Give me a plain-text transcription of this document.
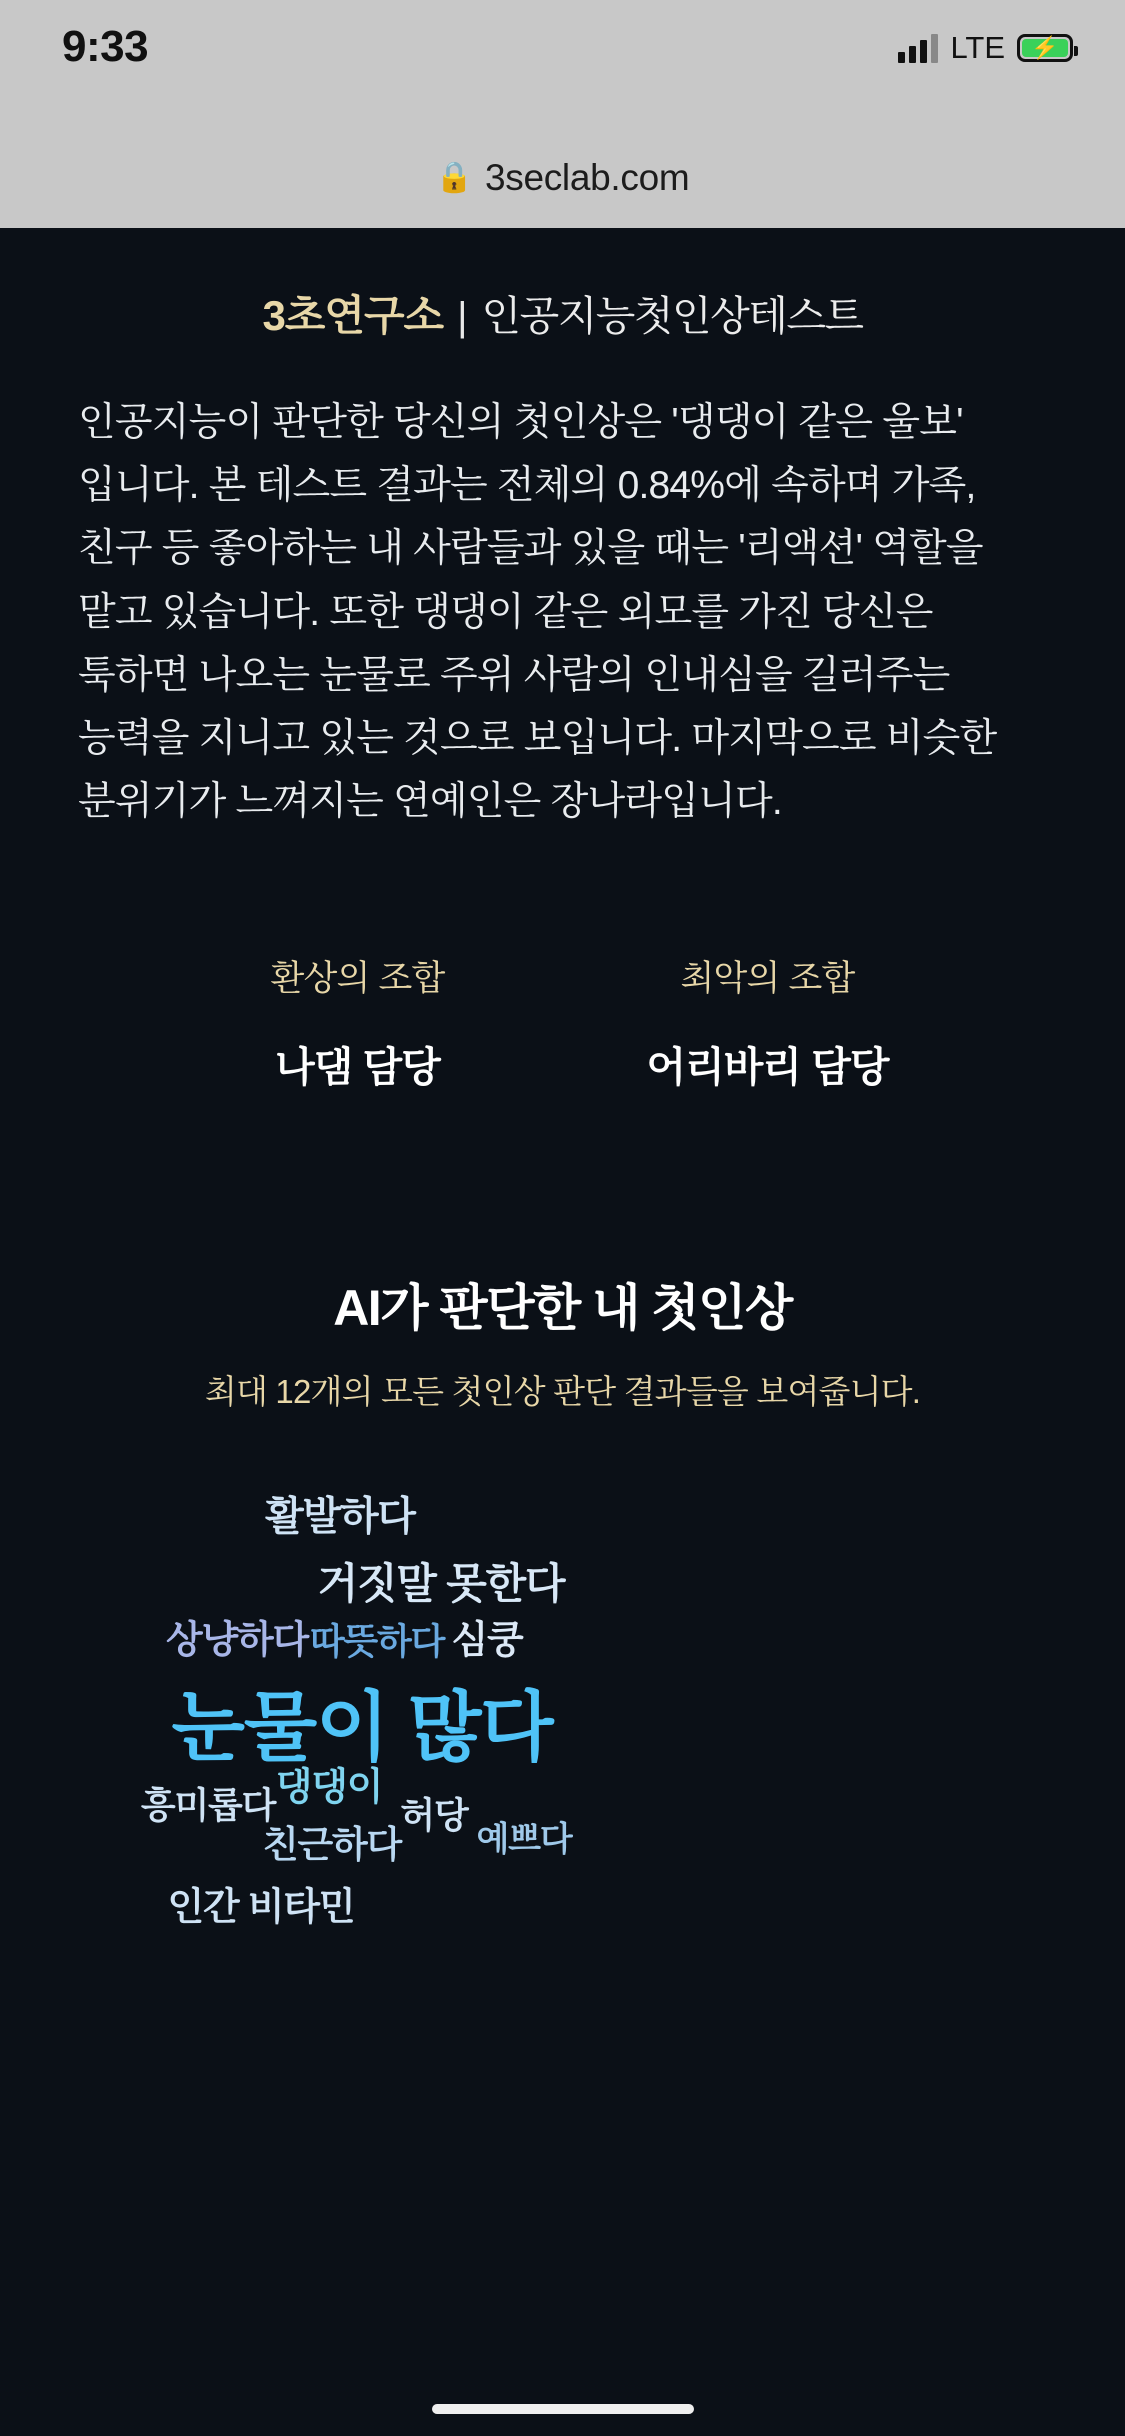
9:33	LTE ⚡
🔒 3seclab.com
3초연구소 | 인공지능첫인상테스트
인공지능이 판단한 당신의 첫인상은 '댕댕이 같은 울보' 입니다. 본 테스트 결과는 전체의 0.84%에 속하며 가족, 친구 등 좋아하는 내 사람들과 있을 때는 '리액션' 역할을 맡고 있습니다. 또한 댕댕이 같은 외모를 가진 당신은 툭하면 나오는 눈물로 주위 사람의 인내심을 길러주는 능력을 지니고 있는 것으로 보입니다. 마지막으로 비슷한 분위기가 느껴지는 연예인은 장나라입니다.
환상의 조합
나댐 담당
최악의 조합
어리바리 담당
AI가 판단한 내 첫인상
최대 12개의 모든 첫인상 판단 결과들을 보여줍니다.
활발하다
거짓말 못한다
상냥하다 따뜻하다 심쿵
눈물이 많다
흥미롭다 댕댕이
허당
친근하다 예쁘다
인간 비타민
